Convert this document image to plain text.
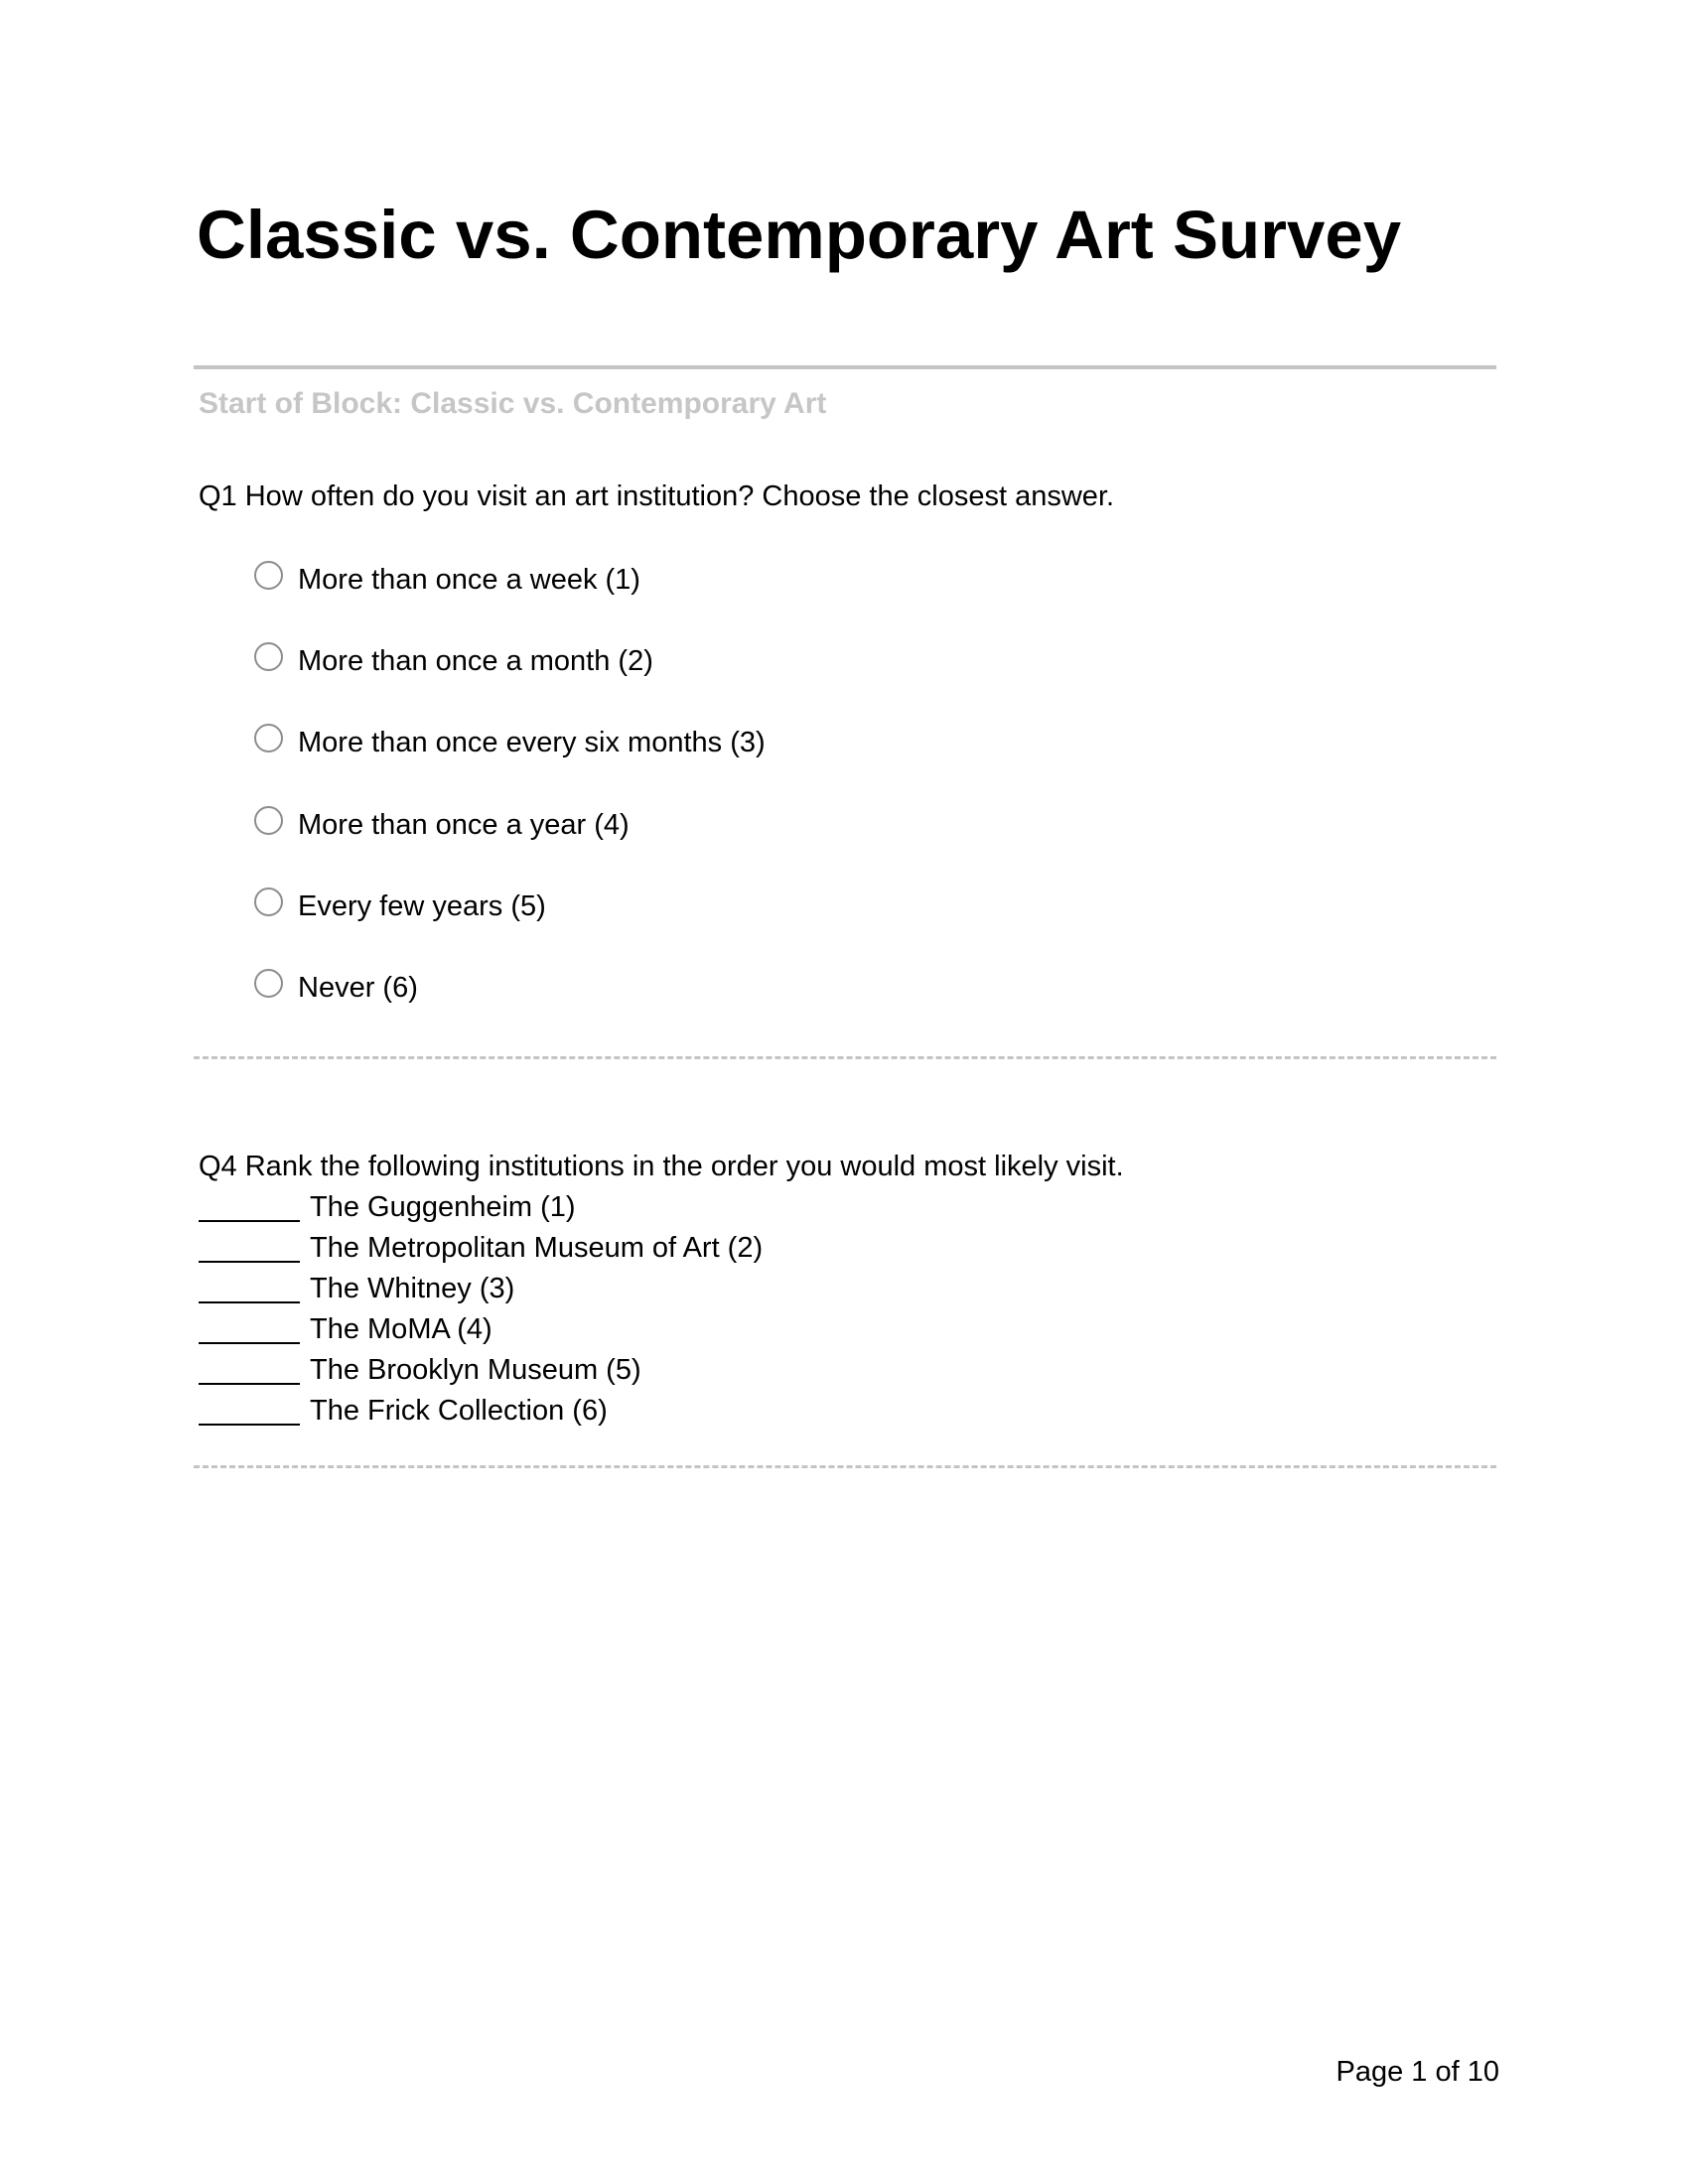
Classic vs. Contemporary Art Survey
Start of Block: Classic vs. Contemporary Art
Q1 How often do you visit an art institution? Choose the closest answer.
More than once a week (1)
More than once a month (2)
More than once every six months (3)
More than once a year (4)
Every few years (5)
Never (6)
Q4 Rank the following institutions in the order you would most likely visit.
The Guggenheim (1)
The Metropolitan Museum of Art (2)
The Whitney (3)
The MoMA (4)
The Brooklyn Museum (5)
The Frick Collection (6)
Page 1 of 10
